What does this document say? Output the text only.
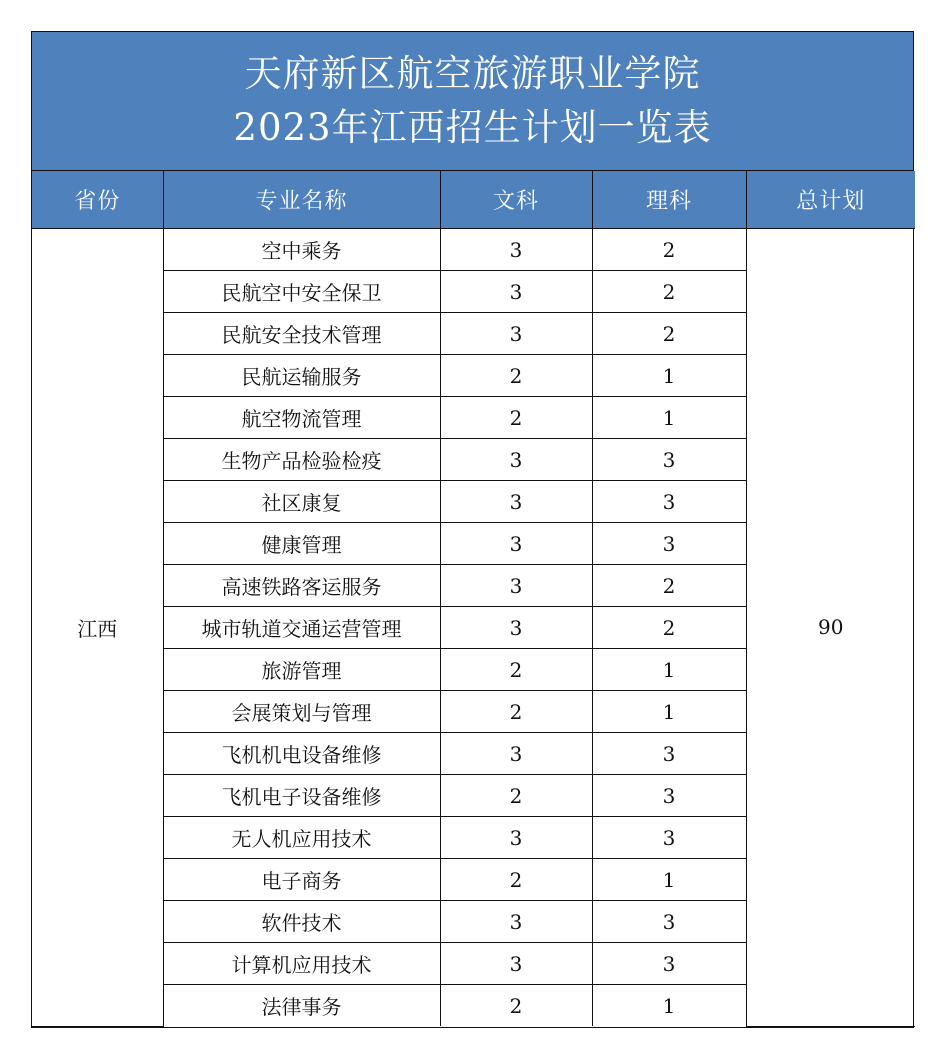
天府新区航空旅游职业学院
2023年江西招生计划一览表
省份	专业名称	文科	理科	总计划
江西	空中乘务	3	2	90
	民航空中安全保卫	3	2	
	民航安全技术管理	3	2	
	民航运输服务	2	1	
	航空物流管理	2	1	
	生物产品检验检疫	3	3	
	社区康复	3	3	
	健康管理	3	3	
	高速铁路客运服务	3	2	
	城市轨道交通运营管理	3	2	
	旅游管理	2	1	
	会展策划与管理	2	1	
	飞机机电设备维修	3	3	
	飞机电子设备维修	2	3	
	无人机应用技术	3	3	
	电子商务	2	1	
	软件技术	3	3	
	计算机应用技术	3	3	
	法律事务	2	1	
